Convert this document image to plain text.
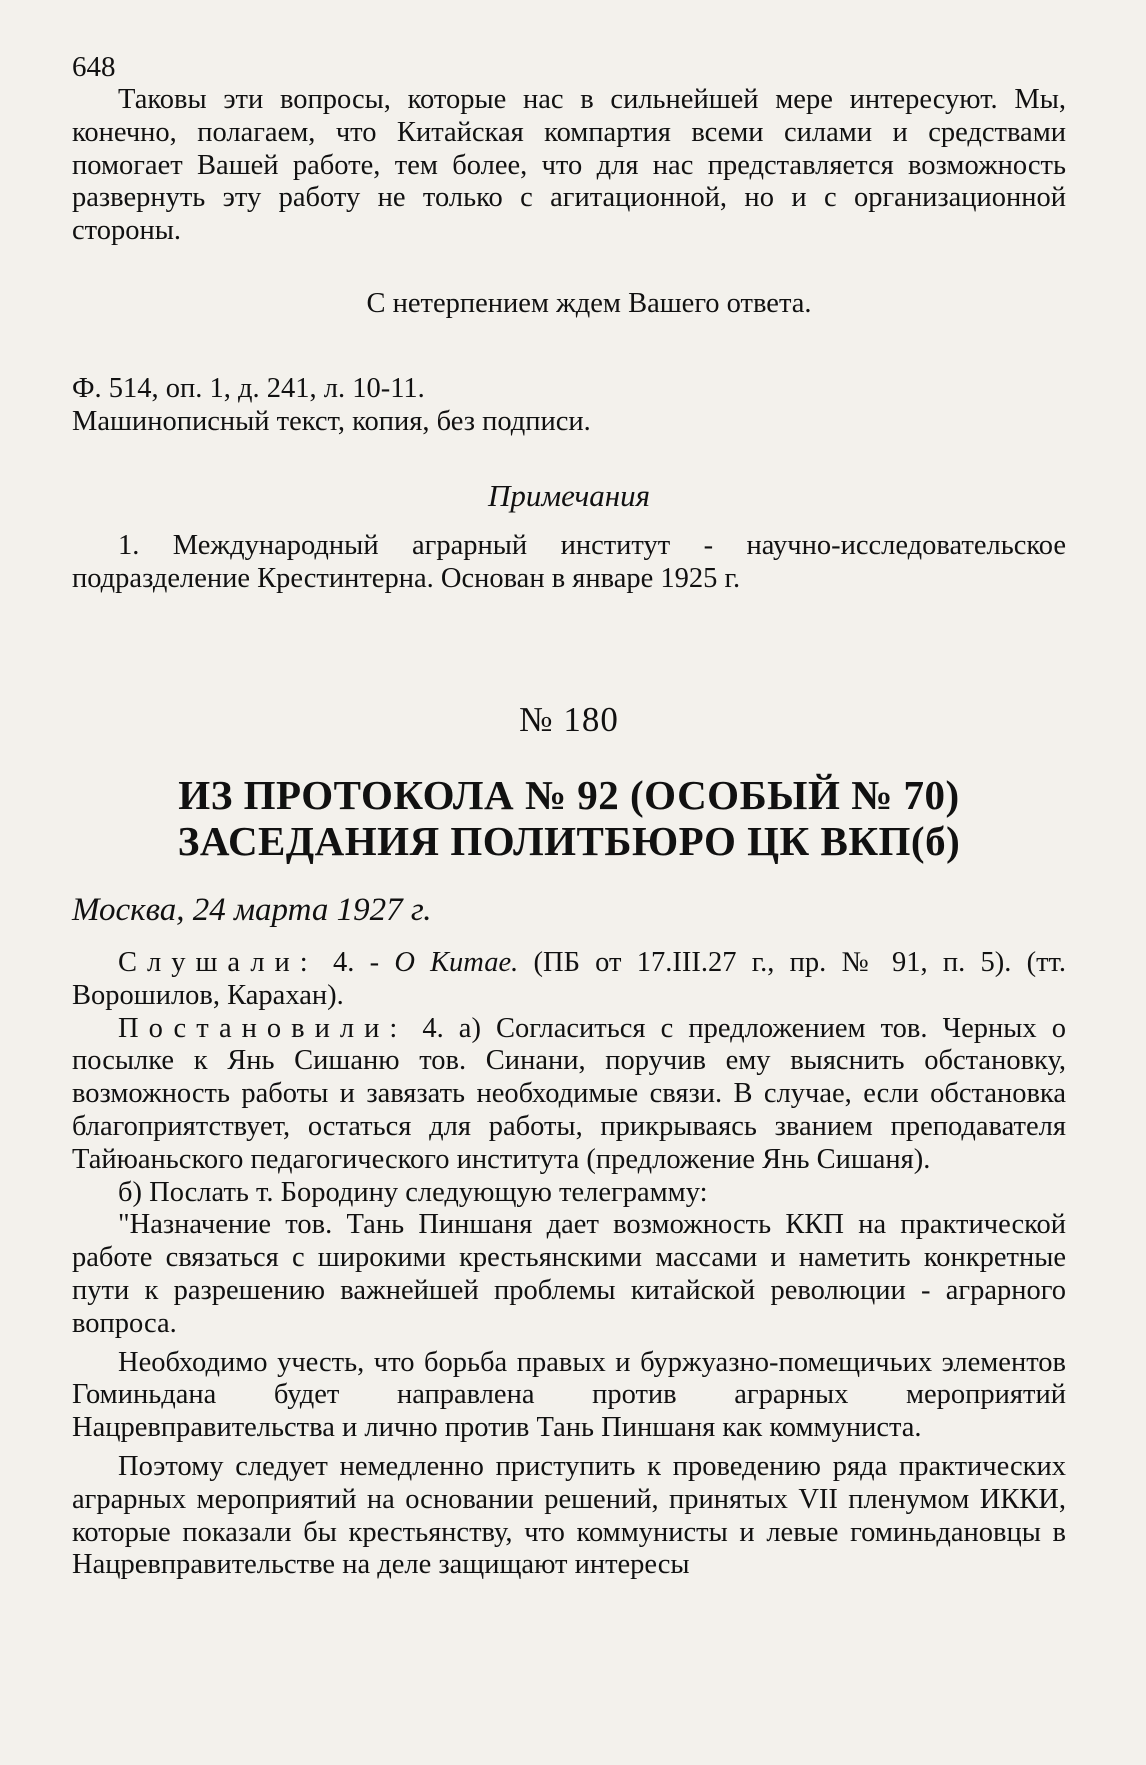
648

Таковы эти вопросы, которые нас в сильнейшей мере интересуют. Мы, конечно, полагаем, что Китайская компартия всеми силами и средствами помогает Вашей работе, тем более, что для нас представляется возможность развернуть эту работу не только с агитационной, но и с организационной стороны.

С нетерпением ждем Вашего ответа.

Ф. 514, оп. 1, д. 241, л. 10-11.

Машинописный текст, копия, без подписи.

Примечания

1. Международный аграрный институт - научно-исследовательское подразделение Крестинтерна. Основан в январе 1925 г.

№ 180
ИЗ ПРОТОКОЛА № 92 (ОСОБЫЙ № 70)
ЗАСЕДАНИЯ ПОЛИТБЮРО ЦК ВКП(б)
Москва, 24 марта 1927 г.

Слушали: 4. - О Китае. (ПБ от 17.III.27 г., пр. № 91, п. 5). (тт. Ворошилов, Карахан).

Постановили: 4. а) Согласиться с предложением тов. Черных о посылке к Янь Сишаню тов. Синани, поручив ему выяснить обстановку, возможность работы и завязать необходимые связи. В случае, если обстановка благоприятствует, остаться для работы, прикрываясь званием преподавателя Тайюаньского педагогического института (предложение Янь Сишаня).

б) Послать т. Бородину следующую телеграмму:

"Назначение тов. Тань Пиншаня дает возможность ККП на практической работе связаться с широкими крестьянскими массами и наметить конкретные пути к разрешению важнейшей проблемы китайской революции - аграрного вопроса.

Необходимо учесть, что борьба правых и буржуазно-помещичьих элементов Гоминьдана будет направлена против аграрных мероприятий Нацревправительства и лично против Тань Пиншаня как коммуниста.

Поэтому следует немедленно приступить к проведению ряда практических аграрных мероприятий на основании решений, принятых VII пленумом ИККИ, которые показали бы крестьянству, что коммунисты и левые гоминьдановцы в Нацревправительстве на деле защищают интересы
